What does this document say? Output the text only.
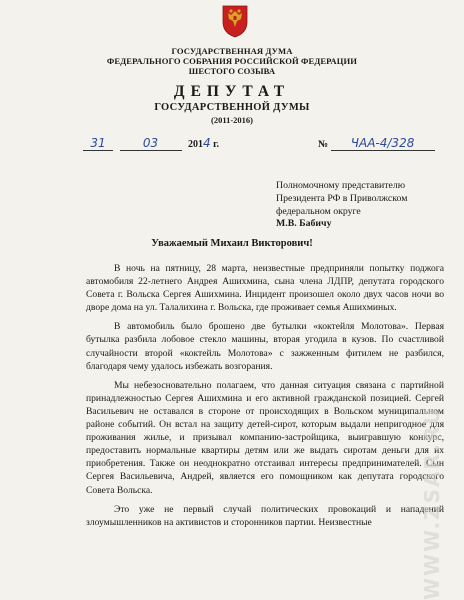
ГОСУДАРСТВЕННАЯ ДУМА
ФЕДЕРАЛЬНОГО СОБРАНИЯ РОССИЙСКОЙ ФЕДЕРАЦИИ
ШЕСТОГО СОЗЫВА
ДЕПУТАТ
ГОСУДАРСТВЕННОЙ ДУМЫ
(2011-2016)
31	03	2014 г.	№ ЧАА-4/328
Полномочному представителю
Президента РФ в Приволжском
федеральном округе
М.В. Бабичу
Уважаемый Михаил Викторович!

В ночь на пятницу, 28 марта, неизвестные предприняли попытку поджога автомобиля 22-летнего Андрея Ашихмина, сына члена ЛДПР, депутата городского Совета г. Вольска Сергея Ашихмина. Инцидент произошел около двух часов ночи во дворе дома на ул. Талалихина г. Вольска, где проживает семья Ашихминых.

В автомобиль было брошено две бутылки «коктейля Молотова». Первая бутылка разбила лобовое стекло машины, вторая угодила в кузов. По счастливой случайности второй «коктейль Молотова» с зажженным фитилем не разбился, благодаря чему удалось избежать возгорания.

Мы небезосновательно полагаем, что данная ситуация связана с партийной принадлежностью Сергея Ашихмина и его активной гражданской позицией. Сергей Васильевич не оставался в стороне от происходящих в Вольском муниципальном районе событий. Он встал на защиту детей-сирот, которым выдали непригодное для проживания жилье, и призывал компанию-застройщика, выигравшую конкурс, предоставить нормальные квартиры детям или же выдать сиротам деньги для их приобретения. Также он неоднократно отстаивал интересы предпринимателей. Сын Сергея Васильевича, Андрей, является его помощником как депутата городского Совета Вольска.

Это уже не первый случай политических провокаций и нападений злоумышленников на активистов и сторонников партии. Неизвестные	WWW.ZSAR.RU
